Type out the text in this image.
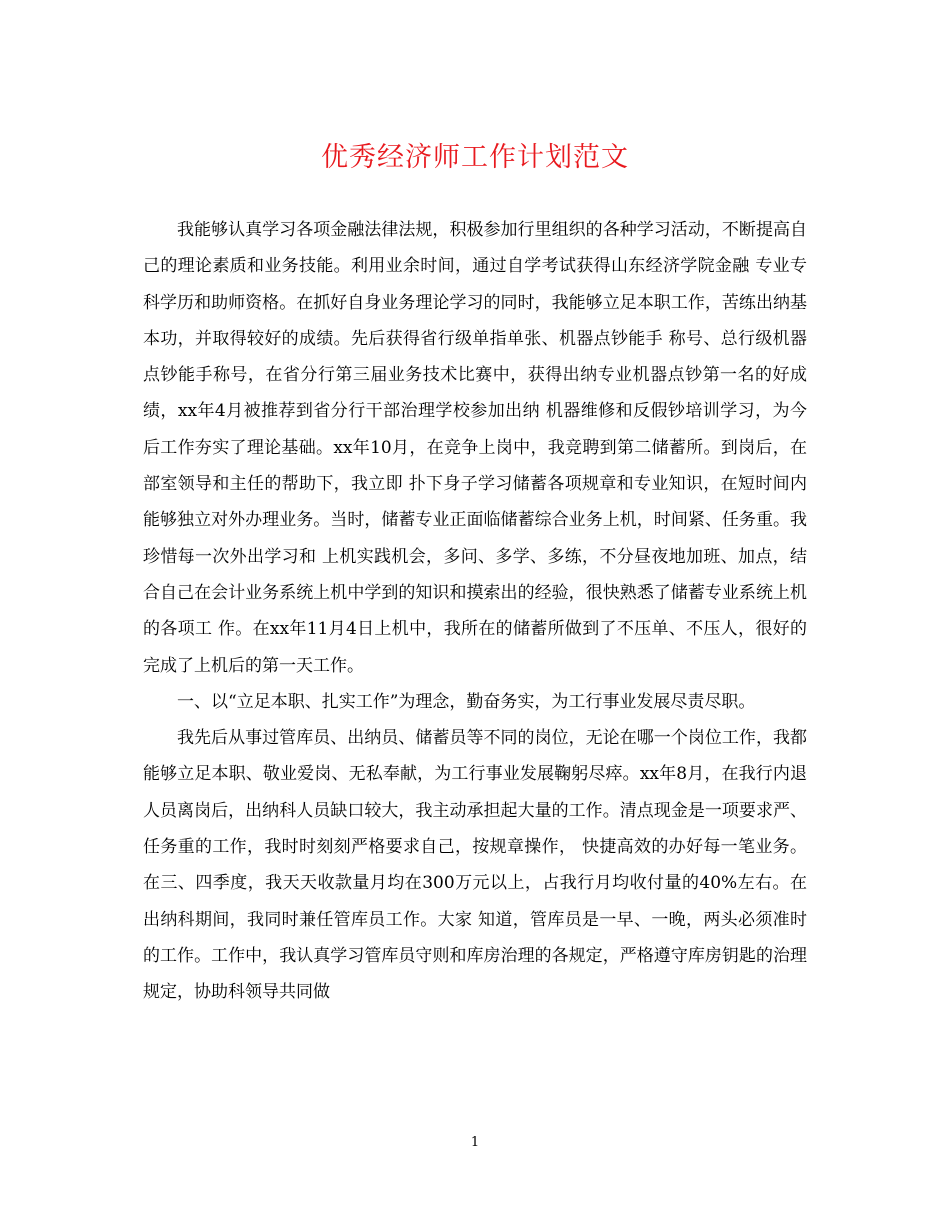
优秀经济师工作计划范文

我能够认真学习各项金融法律法规，积极参加行里组织的各种学习活动，不断提高自己的理论素质和业务技能。利用业余时间，通过自学考试获得山东经济学院金融 专业专科学历和助师资格。在抓好自身业务理论学习的同时，我能够立足本职工作，苦练出纳基本功，并取得较好的成绩。先后获得省行级单指单张、机器点钞能手 称号、总行级机器点钞能手称号，在省分行第三届业务技术比赛中，获得出纳专业机器点钞第一名的好成绩，xx年4月被推荐到省分行干部治理学校参加出纳 机器维修和反假钞培训学习，为今后工作夯实了理论基础。xx年10月，在竞争上岗中，我竞聘到第二储蓄所。到岗后，在部室领导和主任的帮助下，我立即 扑下身子学习储蓄各项规章和专业知识，在短时间内能够独立对外办理业务。当时，储蓄专业正面临储蓄综合业务上机，时间紧、任务重。我珍惜每一次外出学习和 上机实践机会，多问、多学、多练，不分昼夜地加班、加点，结合自己在会计业务系统上机中学到的知识和摸索出的经验，很快熟悉了储蓄专业系统上机的各项工 作。在xx年11月4日上机中，我所在的储蓄所做到了不压单、不压人，很好的完成了上机后的第一天工作。

一、以“立足本职、扎实工作”为理念，勤奋务实，为工行事业发展尽责尽职。

我先后从事过管库员、出纳员、储蓄员等不同的岗位，无论在哪一个岗位工作，我都能够立足本职、敬业爱岗、无私奉献，为工行事业发展鞠躬尽瘁。xx年8月，在我行内退人员离岗后，出纳科人员缺口较大，我主动承担起大量的工作。清点现金是一项要求严、任务重的工作，我时时刻刻严格要求自己，按规章操作， 快捷高效的办好每一笔业务。在三、四季度，我天天收款量月均在300万元以上，占我行月均收付量的40%左右。在出纳科期间，我同时兼任管库员工作。大家 知道，管库员是一早、一晚，两头必须准时的工作。工作中，我认真学习管库员守则和库房治理的各规定，严格遵守库房钥匙的治理规定，协助科领导共同做

1
